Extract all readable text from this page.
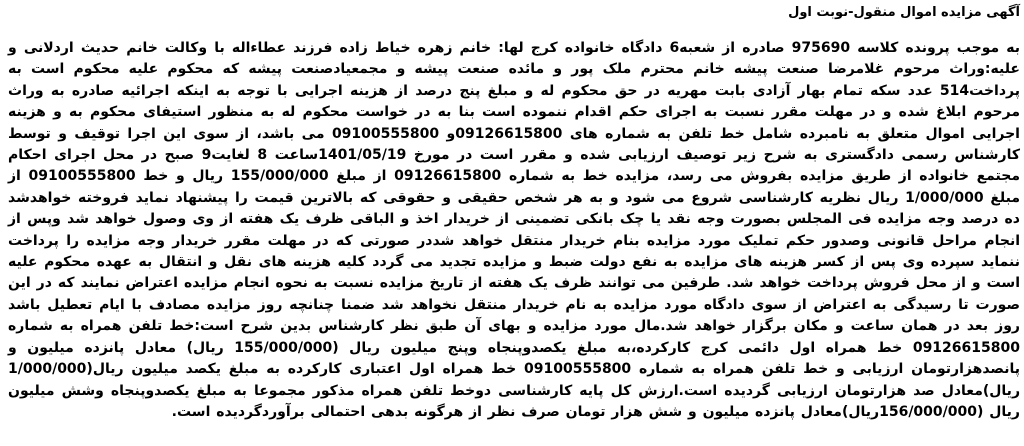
آگهی مزایده اموال منقول-نوبت اول
به موجب پرونده کلاسه 975690 صادره از شعبه6 دادگاه خانواده کرج لها: خانم زهره خیاط زاده فرزند عطاءاله با وکالت خانم حدیث اردلانی و علیه:وراث مرحوم غلامرضا صنعت پیشه خانم محترم ملک پور و مائده صنعت پیشه و مجمعیادصنعت پیشه که محکوم علیه محکوم است به پرداخت514 عدد سکه تمام بهار آزادی بابت مهریه در حق محکوم له و مبلغ پنج درصد از هزینه اجرایی با توجه به اینکه اجرائیه صادره به وراث مرحوم ابلاغ شده و در مهلت مقرر نسبت به اجرای حکم اقدام ننموده است بنا به در خواست محکوم له به منظور استیفای محکوم به و هزینه اجرایی اموال متعلق به نامبرده شامل خط تلفن به شماره های 09126615800و 09100555800 می باشد، از سوی این اجرا توقیف و توسط کارشناس رسمی دادگستری به شرح زیر توصیف ارزیابی شده و مقرر است در مورخ 1401/05/19ساعت 8 لغایت9 صبح در محل اجرای احکام مجتمع خانواده از طریق مزایده بفروش می رسد، مزایده خط به شماره 09126615800 از مبلغ 155/000/000 ریال و خط 09100555800 از مبلغ 1/000/000 ریال نظریه کارشناسی شروع می شود و به هر شخص حقیقی و حقوقی که بالاترین قیمت را پیشنهاد نماید فروخته خواهدشد ده درصد وجه مزایده فی المجلس بصورت وجه نقد یا چک بانکی تضمینی از خریدار اخذ و الباقی ظرف یک هفته از وی وصول خواهد شد وپس از انجام مراحل قانونی وصدور حکم تملیک مورد مزایده بنام خریدار منتقل خواهد شددر صورتی که در مهلت مقرر خریدار وجه مزایده را پرداخت ننماید سپرده وی پس از کسر هزینه های مزایده به نفع دولت ضبط و مزایده تجدید می گردد کلیه هزینه های نقل و انتقال به عهده محکوم علیه است و از محل فروش پرداخت خواهد شد. طرفین می توانند ظرف یک هفته از تاریخ مزایده نسبت به نحوه انجام مزایده اعتراض نمایند که در این صورت تا رسیدگی به اعتراض از سوی دادگاه مورد مزایده به نام خریدار منتقل نخواهد شد ضمنا چنانچه روز مزایده مصادف با ایام تعطیل باشد روز بعد در همان ساعت و مکان برگزار خواهد شد.مال مورد مزایده و بهای آن طبق نظر کارشناس بدین شرح است:خط تلفن همراه به شماره 09126615800 خط همراه اول دائمی کرج کارکرده،به مبلغ یکصدوپنجاه وپنج میلیون ریال (155/000/000 ریال) معادل پانزده میلیون و پانصدهزارتومان ارزیابی و خط تلفن همراه به شماره 09100555800 خط همراه اول اعتباری کارکرده به مبلغ یکصد میلیون ریال(1/000/000 ریال)معادل صد هزارتومان ارزیابی گردیده است.ارزش کل پایه کارشناسی دوخط تلفن همراه مذکور مجموعا به مبلغ یکصدوپنجاه وشش میلیون ریال (156/000/000ریال)معادل پانزده میلیون و شش هزار تومان صرف نظر از هرگونه بدهی احتمالی برآوردگردیده است.
